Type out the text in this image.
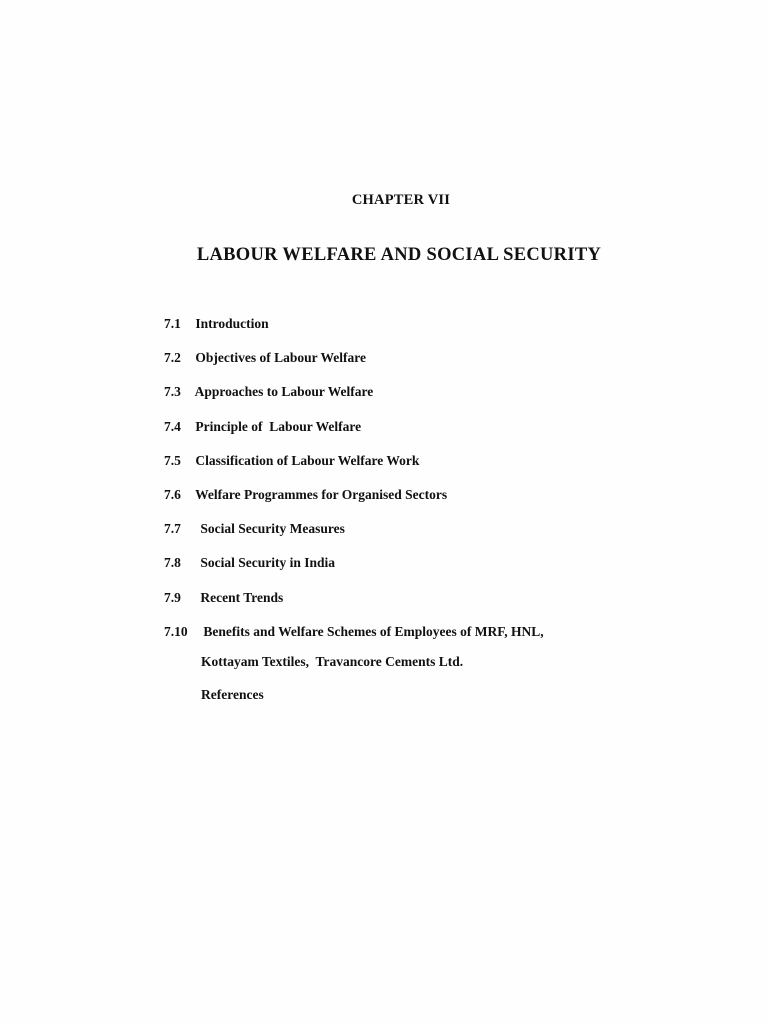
CHAPTER VII
LABOUR WELFARE AND SOCIAL SECURITY
7.1 Introduction
7.2 Objectives of Labour Welfare
7.3 Approaches to Labour Welfare
7.4 Principle of  Labour Welfare
7.5 Classification of Labour Welfare Work
7.6 Welfare Programmes for Organised Sectors
7.7 Social Security Measures
7.8 Social Security in India
7.9 Recent Trends
7.10 Benefits and Welfare Schemes of Employees of MRF, HNL,
Kottayam Textiles,  Travancore Cements Ltd.
References
